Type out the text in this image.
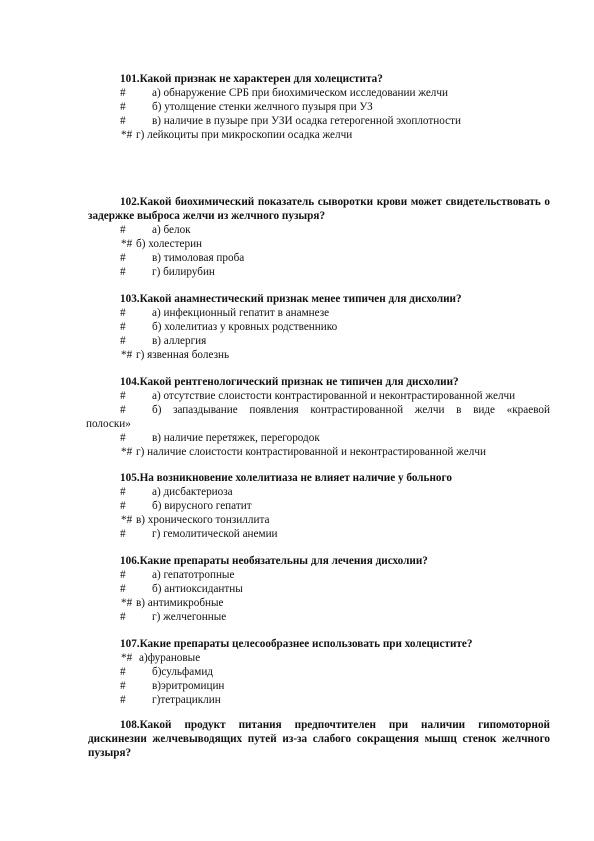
101.Какой признак не характерен для холецистита?
# а) обнаружение СРБ при биохимическом исследовании желчи
# б) утолщение стенки желчного пузыря при УЗ
# в) наличие в пузыре при УЗИ осадка гетерогенной эхоплотности
*# г) лейкоциты при микроскопии осадка желчи
102.Какой биохимический показатель сыворотки крови может свидетельствовать о задержке выброса желчи из желчного пузыря?
# а) белок
*# б) холестерин
# в) тимоловая проба
# г) билирубин
103.Какой анамнестический признак менее типичен для дисхолии?
# а) инфекционный гепатит в анамнезе
# б) холелитиаз у кровных родственнико
# в) аллергия
*# г) язвенная болезнь
104.Какой рентгенологический признак не типичен для дисхолии?
# а) отсутствие слоистости контрастированной и неконтрастированной желчи
# б) запаздывание появления контрастированной желчи в виде «краевой
полоски»
# в) наличие перетяжек, перегородок
*# г) наличие слоистости контрастированной и неконтрастированной желчи
105.На возникновение холелитиаза не влияет наличие у больного
# а) дисбактериоза
# б) вирусного гепатит
*# в) хронического тонзиллита
# г) гемолитической анемии
106.Какие препараты необязательны для лечения дисхолии?
# а) гепатотропные
# б) антиоксидантны
*# в) антимикробные
# г) желчегонные
107.Какие препараты целесообразнее использовать при холецистите?
*# а)фурановые
# б)сульфамид
# в)эритромицин
# г)тетрациклин
108.Какой продукт питания предпочтителен при наличии гипомоторной дискинезии желчевыводящих путей из-за слабого сокращения мышц стенок желчного пузыря?
